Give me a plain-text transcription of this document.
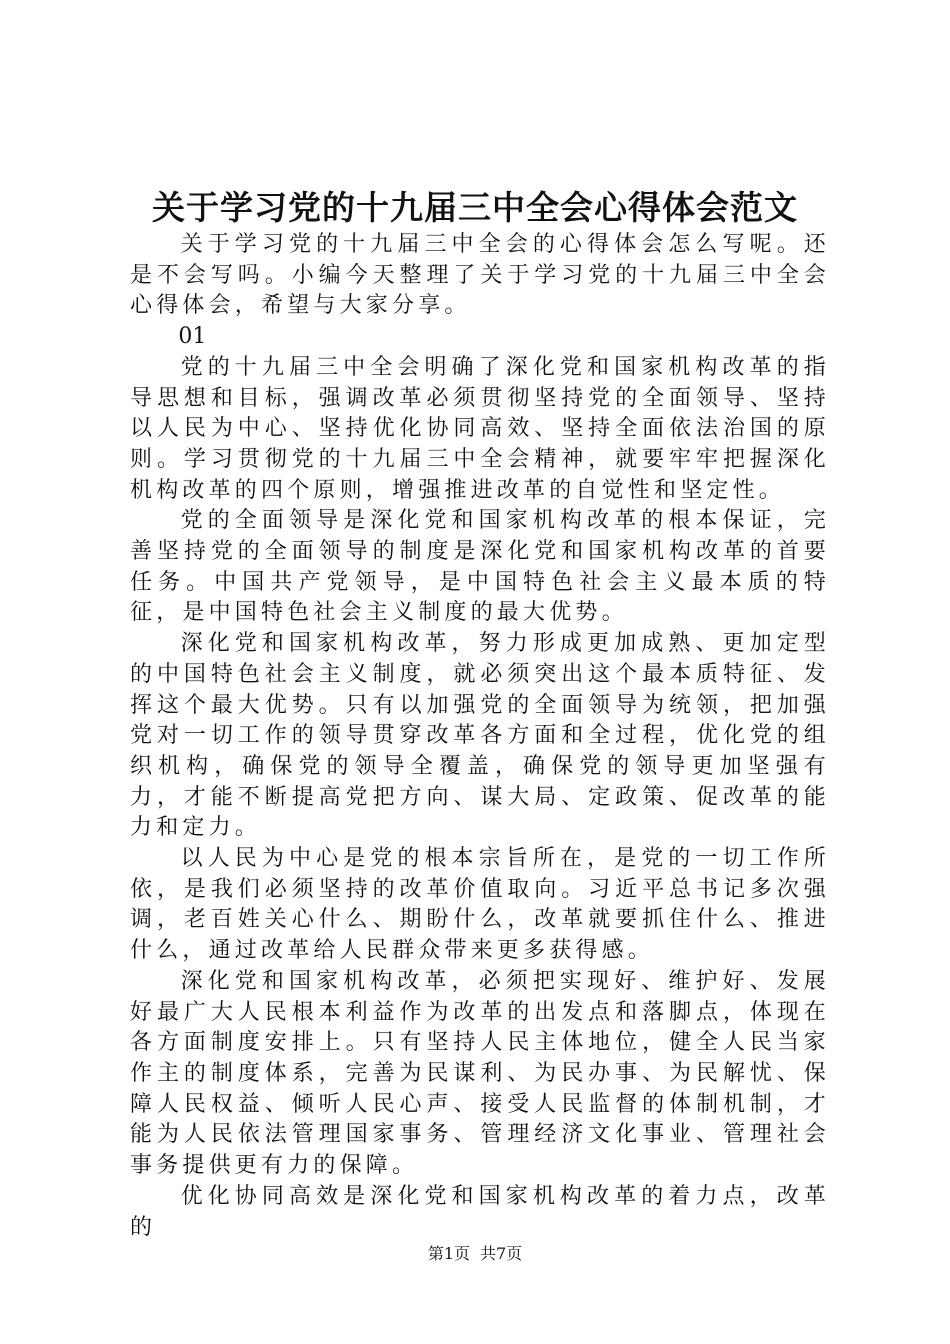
关于学习党的十九届三中全会心得体会范文

关于学习党的十九届三中全会的心得体会怎么写呢。还是不会写吗。小编今天整理了关于学习党的十九届三中全会心得体会，希望与大家分享。

01

党的十九届三中全会明确了深化党和国家机构改革的指导思想和目标，强调改革必须贯彻坚持党的全面领导、坚持以人民为中心、坚持优化协同高效、坚持全面依法治国的原则。学习贯彻党的十九届三中全会精神，就要牢牢把握深化机构改革的四个原则，增强推进改革的自觉性和坚定性。

党的全面领导是深化党和国家机构改革的根本保证，完善坚持党的全面领导的制度是深化党和国家机构改革的首要任务。中国共产党领导，是中国特色社会主义最本质的特征，是中国特色社会主义制度的最大优势。

深化党和国家机构改革，努力形成更加成熟、更加定型的中国特色社会主义制度，就必须突出这个最本质特征、发挥这个最大优势。只有以加强党的全面领导为统领，把加强党对一切工作的领导贯穿改革各方面和全过程，优化党的组织机构，确保党的领导全覆盖，确保党的领导更加坚强有力，才能不断提高党把方向、谋大局、定政策、促改革的能力和定力。

以人民为中心是党的根本宗旨所在，是党的一切工作所依，是我们必须坚持的改革价值取向。习近平总书记多次强调，老百姓关心什么、期盼什么，改革就要抓住什么、推进什么，通过改革给人民群众带来更多获得感。

深化党和国家机构改革，必须把实现好、维护好、发展好最广大人民根本利益作为改革的出发点和落脚点，体现在各方面制度安排上。只有坚持人民主体地位，健全人民当家作主的制度体系，完善为民谋利、为民办事、为民解忧、保障人民权益、倾听人民心声、接受人民监督的体制机制，才能为人民依法管理国家事务、管理经济文化事业、管理社会事务提供更有力的保障。

优化协同高效是深化党和国家机构改革的着力点，改革的

第1页 共7页
